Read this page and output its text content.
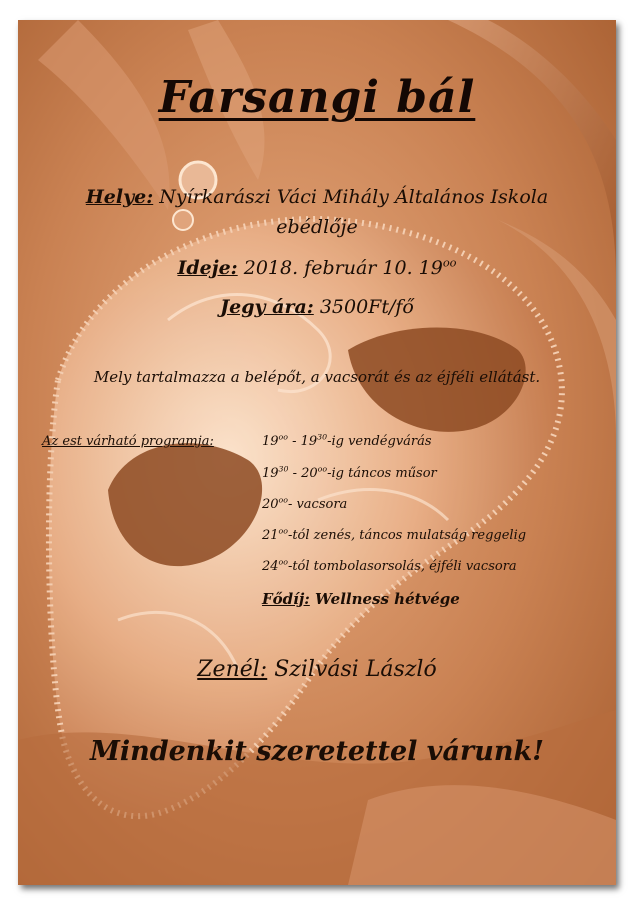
Farsangi bál
Helye: Nyírkarászi Váci Mihály Általános Iskola
ebédlője
Ideje: 2018. február 10. $19^{oo}$
Jegy ára: 3500Ft/fő
Mely tartalmazza a belépőt, a vacsorát és az éjféli ellátást.
Az est várható programja:	$19^{oo} - 19^{30}-ig$ vendégvárás
$19^{30} - 20^{oo}-ig$ táncos műsor
$20^{oo}-$ vacsora
$21^{oo}$-tól zenés, táncos mulatság reggelig
$24^{oo}$-tól tombolasorsolás, éjféli vacsora
Fődíj: Wellness hétvége
Zenél: Szilvási László
Mindenkit szeretettel várunk!
